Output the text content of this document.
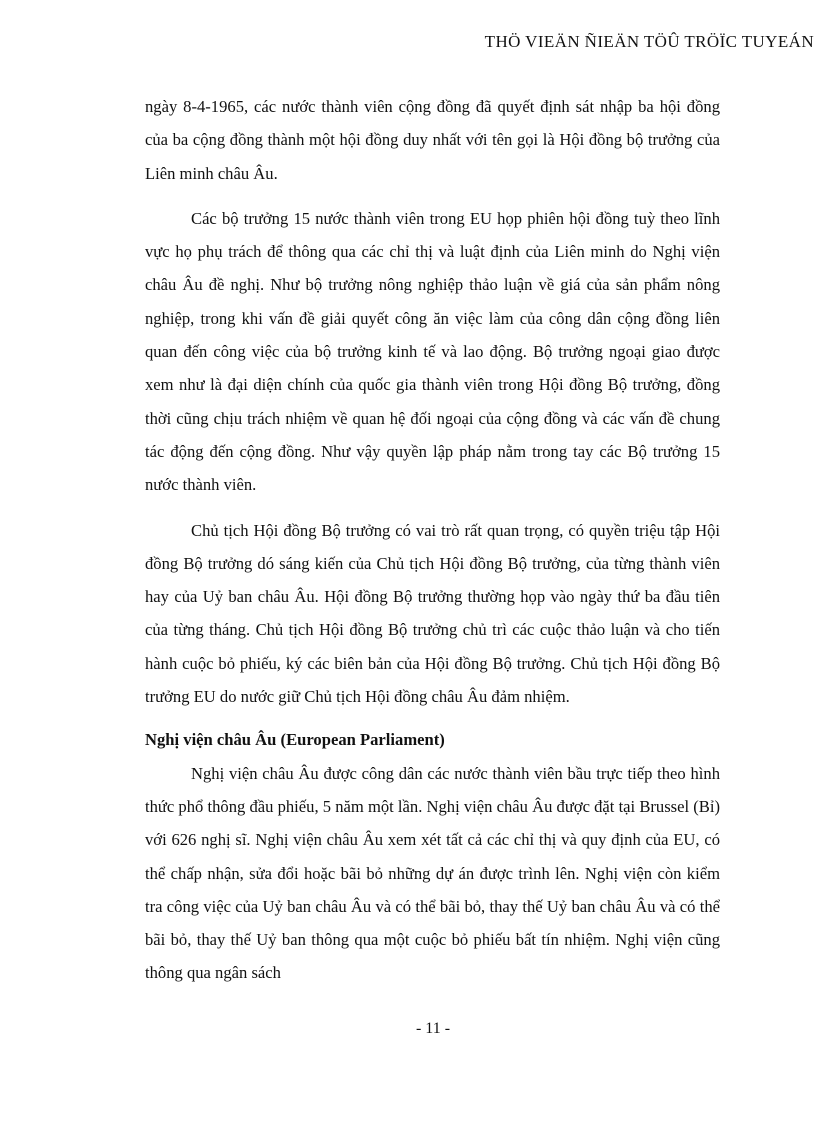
THÖ VIEÄN ÑIEÄN TÖÛ TRÖÏC TUYEÁN

ngày 8-4-1965, các nước thành viên cộng đồng đã quyết định sát nhập ba hội đồng của ba cộng đồng thành một hội đồng duy nhất với tên gọi là Hội đồng bộ trưởng của Liên minh châu Âu.

Các bộ trưởng 15 nước thành viên trong EU họp phiên hội đồng tuỳ theo lĩnh vực họ phụ trách để thông qua các chỉ thị và luật định của Liên minh do Nghị viện châu Âu đề nghị. Như bộ trưởng nông nghiệp thảo luận về giá của sản phẩm nông nghiệp, trong khi vấn đề giải quyết công ăn việc làm của công dân cộng đồng liên quan đến công việc của bộ trưởng kinh tế và lao động. Bộ trưởng ngoại giao được xem như là đại diện chính của quốc gia thành viên trong Hội đồng Bộ trưởng, đồng thời cũng chịu trách nhiệm về quan hệ đối ngoại của cộng đồng và các vấn đề chung tác động đến cộng đồng. Như vậy quyền lập pháp nằm trong tay các Bộ trưởng 15 nước thành viên.

Chủ tịch Hội đồng Bộ trưởng có vai trò rất quan trọng, có quyền triệu tập Hội đồng Bộ trưởng dó sáng kiến của Chủ tịch Hội đồng Bộ trưởng, của từng thành viên hay của Uỷ ban châu Âu. Hội đồng Bộ trưởng thường họp vào ngày thứ ba đầu tiên của từng tháng. Chủ tịch Hội đồng Bộ trưởng chủ trì các cuộc thảo luận và cho tiến hành cuộc bỏ phiếu, ký các biên bản của Hội đồng Bộ trưởng. Chủ tịch Hội đồng Bộ trưởng EU do nước giữ Chủ tịch Hội đồng châu Âu đảm nhiệm.

Nghị viện châu Âu (European Parliament)

Nghị viện châu Âu được công dân các nước thành viên bầu trực tiếp theo hình thức phổ thông đầu phiếu, 5 năm một lần. Nghị viện châu Âu được đặt tại Brussel (Bỉ) với 626 nghị sĩ. Nghị viện châu Âu xem xét tất cả các chỉ thị và quy định của EU, có thể chấp nhận, sửa đổi hoặc bãi bỏ những dự án được trình lên. Nghị viện còn kiểm tra công việc của Uỷ ban châu Âu và có thể bãi bỏ, thay thế Uỷ ban châu Âu và có thể bãi bỏ, thay thế Uỷ ban thông qua một cuộc bỏ phiếu bất tín nhiệm. Nghị viện cũng thông qua ngân sách

- 11 -
